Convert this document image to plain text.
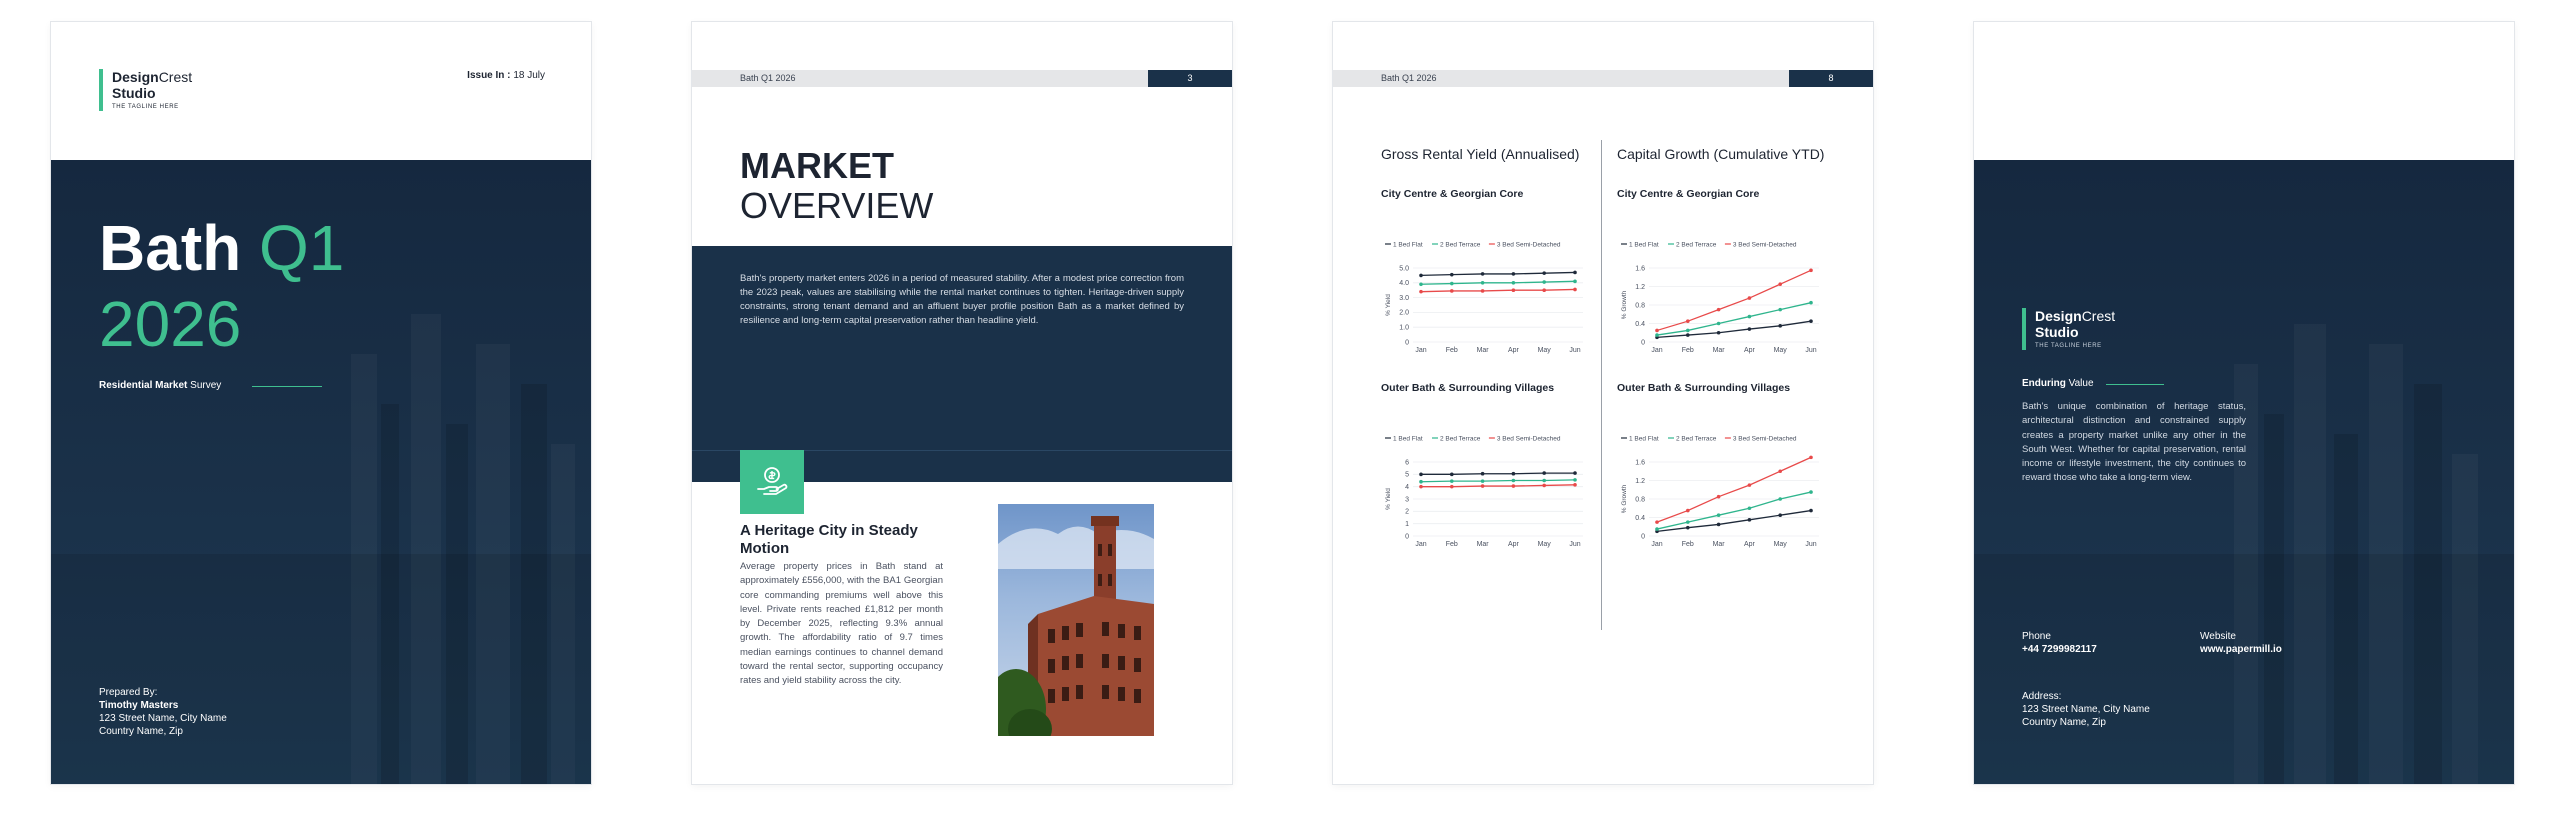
DesignCrest
Studio
THE TAGLINE HERE
Issue In : 18 July
Bath Q1
2026
Residential Market Survey
Prepared By:
Timothy Masters
123 Street Name, City Name
Country Name, Zip
Bath Q1 2026	3
MARKET
OVERVIEW

Bath's property market enters 2026 in a period of measured stability. After a modest price correction from the 2023 peak, values are stabilising while the rental market continues to tighten. Heritage-driven supply constraints, strong tenant demand and an affluent buyer profile position Bath as a market defined by resilience and long-term capital preservation rather than headline yield.

A Heritage City in Steady Motion

Average property prices in Bath stand at approximately £556,000, with the BA1 Georgian core commanding premiums well above this level. Private rents reached £1,812 per month by December 2025, reflecting 9.3% annual growth. The affordability ratio of 9.7 times median earnings continues to channel demand toward the rental sector, supporting occupancy rates and yield stability across the city.

Bath Q1 2026	8
Gross Rental Yield (Annualised)	Capital Growth (Cumulative YTD)
City Centre & Georgian Core	City Centre & Georgian Core
Outer Bath & Surrounding Villages	Outer Bath & Surrounding Villages
1 Bed Flat	2 Bed Terrace	3 Bed Semi-Detached
0
1.0
2.0
3.0
4.0
5.0
% Yield
Jan	Feb	Mar	Apr	May	Jun
1 Bed Flat	2 Bed Terrace	3 Bed Semi-Detached
0
0.4
0.8
1.2
1.6
% Growth
Jan	Feb	Mar	Apr	May	Jun
1 Bed Flat	2 Bed Terrace	3 Bed Semi-Detached
0
1
2
3
4
5
6
% Yield
Jan	Feb	Mar	Apr	May	Jun
1 Bed Flat	2 Bed Terrace	3 Bed Semi-Detached
0
0.4
0.8
1.2
1.6
% Growth
Jan	Feb	Mar	Apr	May	Jun
DesignCrest
Studio
THE TAGLINE HERE
Enduring Value

Bath's unique combination of heritage status, architectural distinction and constrained supply creates a property market unlike any other in the South West. Whether for capital preservation, rental income or lifestyle investment, the city continues to reward those who take a long-term view.

Phone
+44 7299982117
Website
www.papermill.io
Address:
123 Street Name, City Name
Country Name, Zip
